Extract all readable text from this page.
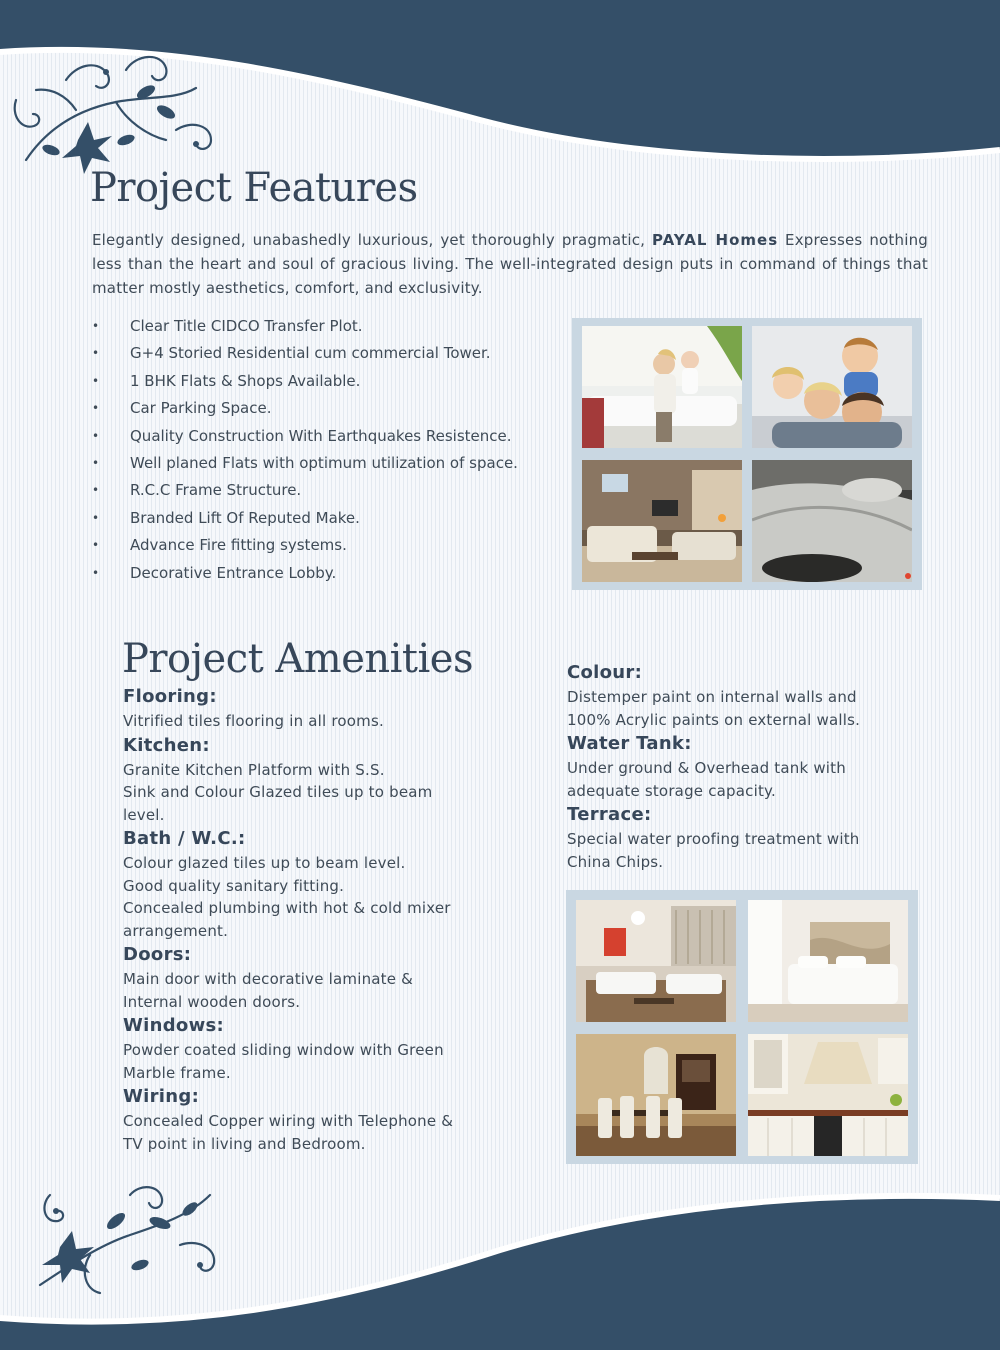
Project Features

Elegantly designed, unabashedly luxurious, yet thoroughly pragmatic, PAYAL Homes Expresses nothing less than the heart and soul of gracious living. The well-integrated design puts in command of things that matter mostly aesthetics, comfort, and exclusivity.

• Clear Title CIDCO Transfer Plot.
• G+4 Storied Residential cum commercial Tower.
• 1 BHK Flats & Shops Available.
• Car Parking Space.
• Quality Construction With Earthquakes Resistence.
• Well planed Flats with optimum utilization of space.
• R.C.C Frame Structure.
• Branded Lift Of Reputed Make.
• Advance Fire fitting systems.
• Decorative Entrance Lobby.
Project Amenities
Flooring:

Vitrified tiles flooring in all rooms.

Kitchen:

Granite Kitchen Platform with S.S.

Sink and Colour Glazed tiles up to beam

level.

Bath / W.C.:

Colour glazed tiles up to beam level.

Good quality sanitary fitting.

Concealed plumbing with hot & cold mixer

arrangement.

Doors:

Main door with decorative laminate &

Internal wooden doors.

Windows:

Powder coated sliding window with Green

Marble frame.

Wiring:

Concealed Copper wiring with Telephone &

TV point in living and Bedroom.

Colour:

Distemper paint on internal walls and

100% Acrylic paints on external walls.

Water Tank:

Under ground & Overhead tank with

adequate storage capacity.

Terrace:

Special water proofing treatment with

China Chips.
